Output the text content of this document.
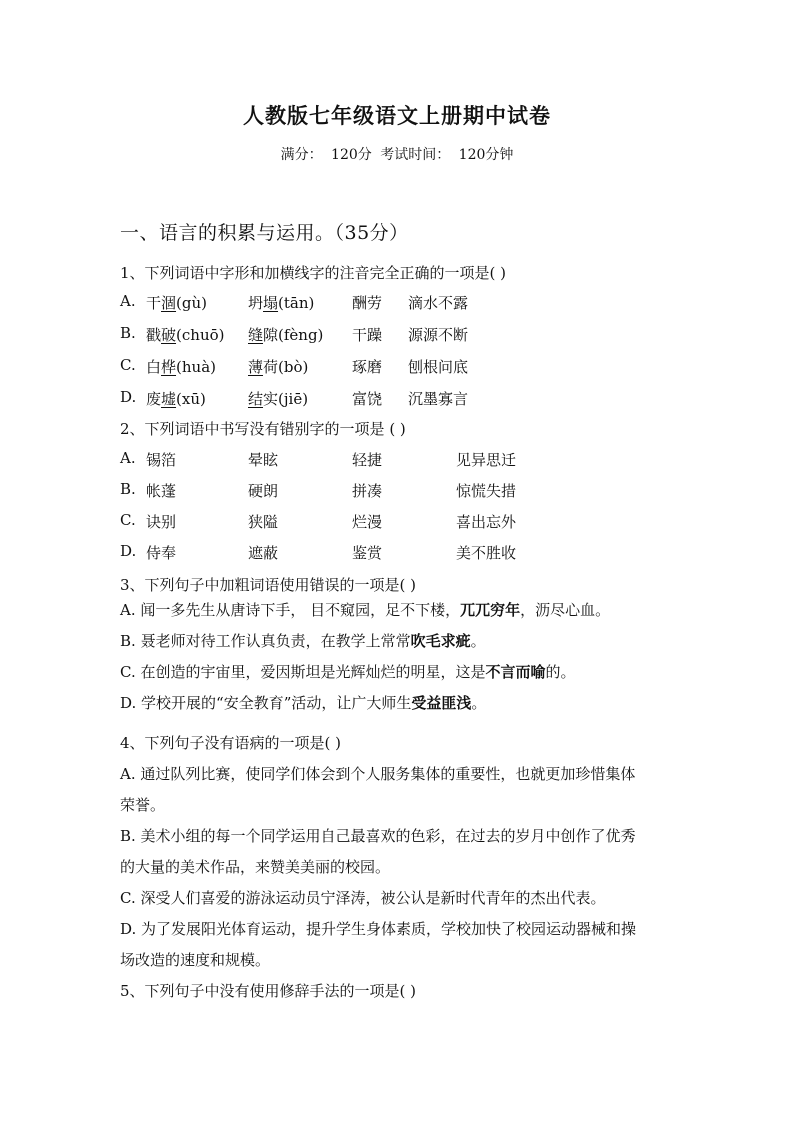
人教版七年级语文上册期中试卷
满分： 120分 考试时间： 120分钟
一、语言的积累与运用。（35分）
1、下列词语中字形和加横线字的注音完全正确的一项是( )
A. 干涸(gù)	坍塌(tān)	酬劳 滴水不露
B. 戳破(chuō) 缝隙(fèng) 干躁 源源不断
C. 白桦(huà) 薄荷(bò)	琢磨 刨根问底
D. 废墟(xū)	结实(jiē)	富饶 沉墨寡言
2、下列词语中书写没有错别字的一项是 ( )
A. 锡箔	晕眩	轻捷	见异思迁
B. 帐蓬	硬朗	拼凑	惊慌失措
C. 诀别	狭隘	烂漫	喜出忘外
D. 侍奉	遮蔽	鉴赏	美不胜收
3、下列句子中加粗词语使用错误的一项是( )
A. 闻一多先生从唐诗下手， 目不窥园，足不下楼，兀兀穷年，沥尽心血。
B. 聂老师对待工作认真负责，在教学上常常吹毛求疵。
C. 在创造的宇宙里，爱因斯坦是光辉灿烂的明星，这是不言而喻的。
D. 学校开展的“安全教育”活动，让广大师生受益匪浅。
4、下列句子没有语病的一项是( )
A. 通过队列比赛，使同学们体会到个人服务集体的重要性，也就更加珍惜集体
荣誉。
B. 美术小组的每一个同学运用自己最喜欢的色彩，在过去的岁月中创作了优秀
的大量的美术作品，来赞美美丽的校园。
C. 深受人们喜爱的游泳运动员宁泽涛，被公认是新时代青年的杰出代表。
D. 为了发展阳光体育运动，提升学生身体素质，学校加快了校园运动器械和操
场改造的速度和规模。
5、下列句子中没有使用修辞手法的一项是( )
